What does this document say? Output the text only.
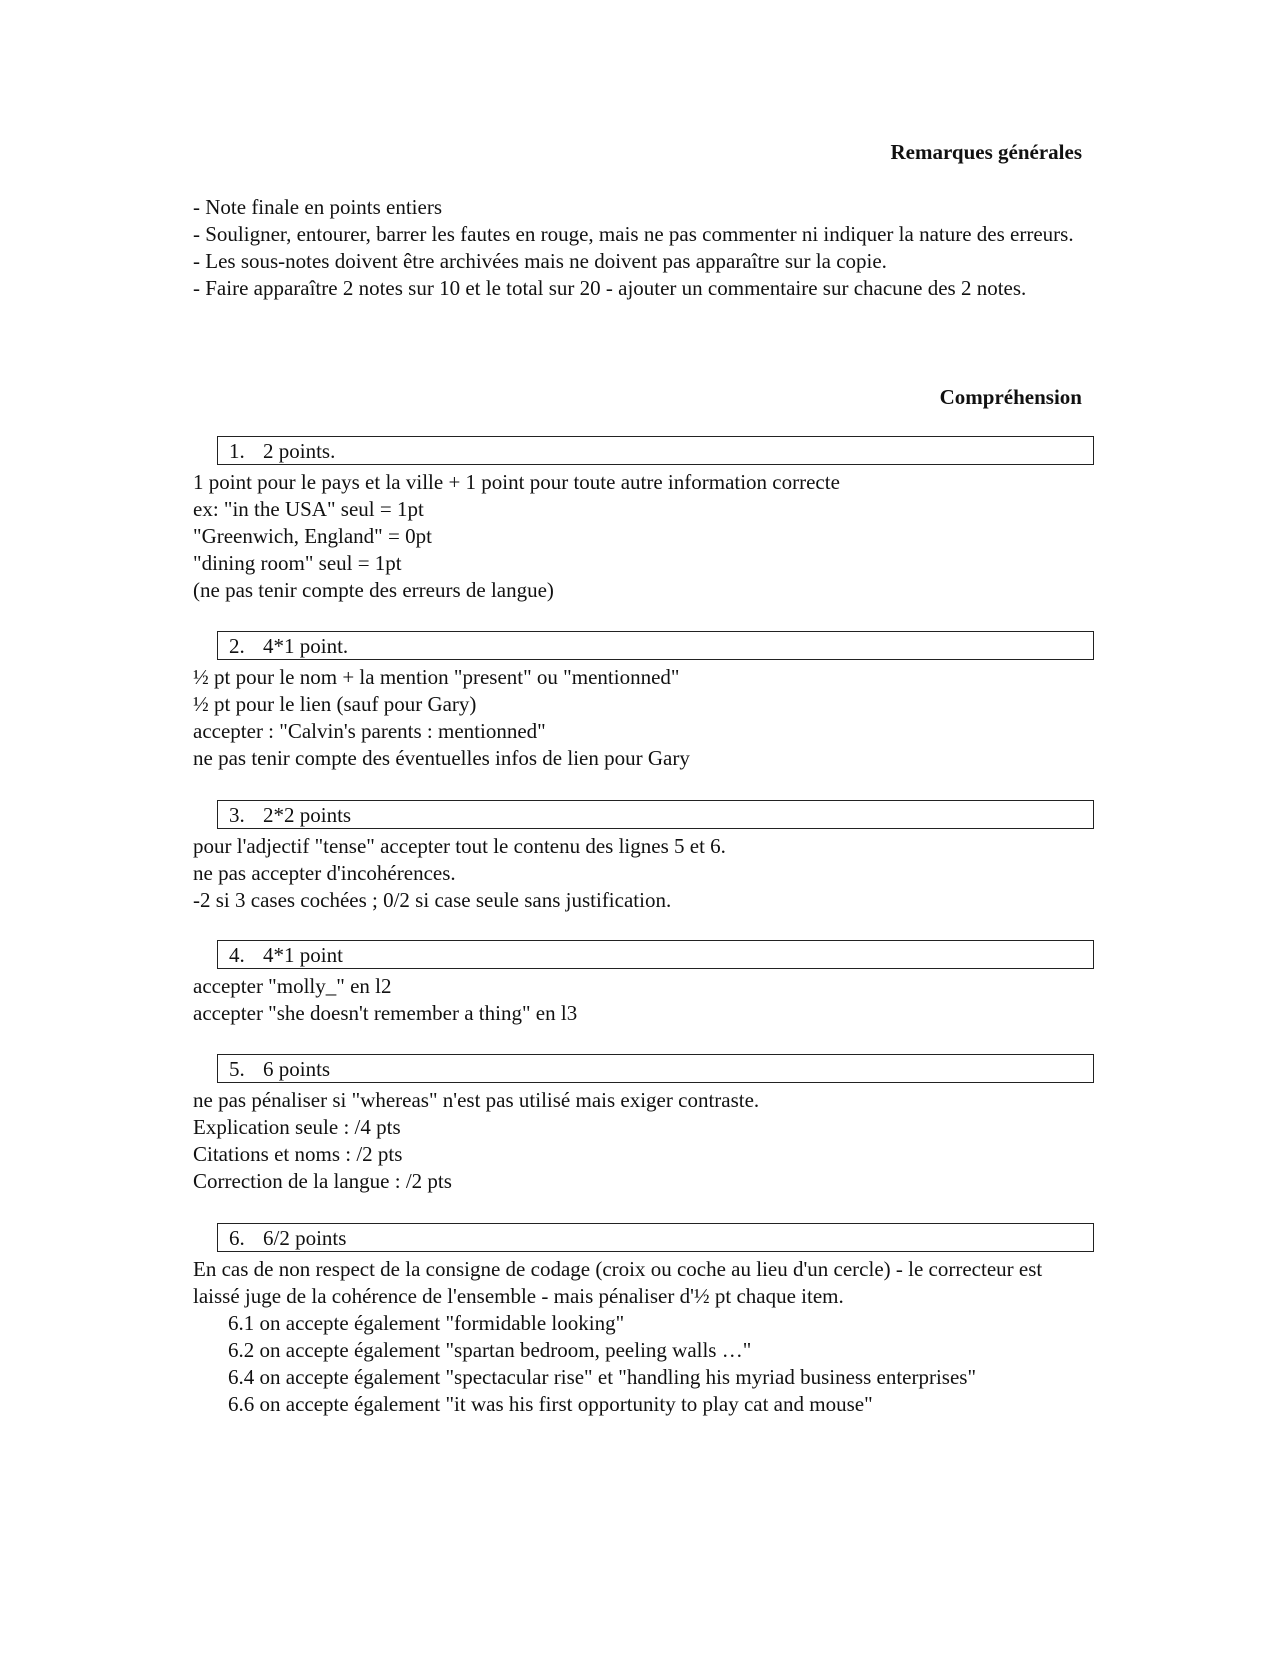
Remarques générales

- Note finale en points entiers

- Souligner, entourer, barrer les fautes en rouge, mais ne pas commenter ni indiquer la nature des erreurs.

- Les sous-notes doivent être archivées mais ne doivent pas apparaître sur la copie.

- Faire apparaître 2 notes sur 10 et le total sur 20 - ajouter un commentaire sur chacune des 2 notes.

Compréhension
1. 2 points.

1 point pour le pays et la ville + 1 point pour toute autre information correcte

ex: "in the USA" seul = 1pt

"Greenwich, England" = 0pt

"dining room" seul = 1pt

(ne pas tenir compte des erreurs de langue)

2. 4*1 point.

½ pt pour le nom + la mention "present" ou "mentionned"

½ pt pour le lien (sauf pour Gary)

accepter : "Calvin's parents : mentionned"

ne pas tenir compte des éventuelles infos de lien pour Gary

3. 2*2 points

pour l'adjectif "tense" accepter tout le contenu des lignes 5 et 6.

ne pas accepter d'incohérences.

-2 si 3 cases cochées ; 0/2 si case seule sans justification.

4. 4*1 point

accepter "molly_" en l2

accepter "she doesn't remember a thing" en l3

5. 6 points

ne pas pénaliser si "whereas" n'est pas utilisé mais exiger contraste.

Explication seule : /4 pts

Citations et noms : /2 pts

Correction de la langue : /2 pts

6. 6/2 points

En cas de non respect de la consigne de codage (croix ou coche au lieu d'un cercle) - le correcteur est laissé juge de la cohérence de l'ensemble - mais pénaliser d'½ pt chaque item.

6.1 on accepte également "formidable looking"

6.2 on accepte également "spartan bedroom, peeling walls …"

6.4 on accepte également "spectacular rise" et "handling his myriad business enterprises"

6.6 on accepte également "it was his first opportunity to play cat and mouse"
